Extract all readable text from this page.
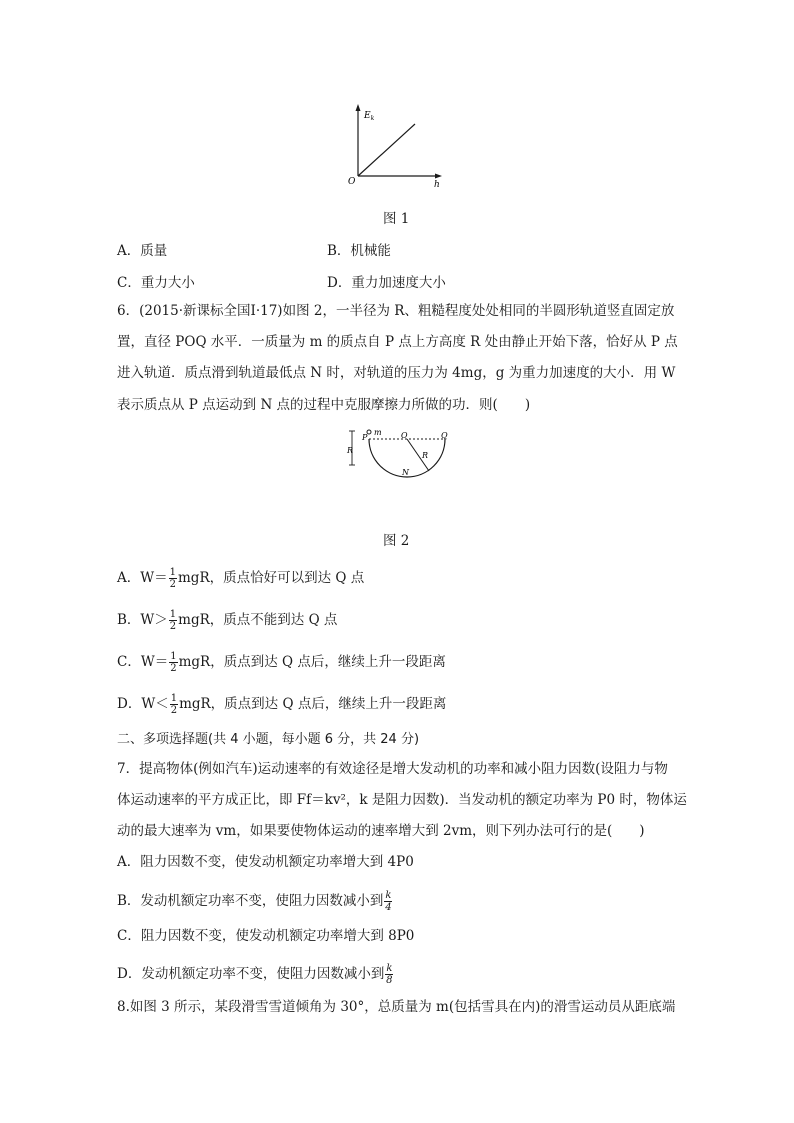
$E_k$
O	h
图 1
A．质量	B．机械能
C．重力大小	D．重力加速度大小
6．(2015·新课标全国Ⅰ·17)如图 2，一半径为 R、粗糙程度处处相同的半圆形轨道竖直固定放
置，直径 POQ 水平．一质量为 m 的质点自 P 点上方高度 R 处由静止开始下落，恰好从 P 点
进入轨道．质点滑到轨道最低点 N 时，对轨道的压力为 4mg，g 为重力加速度的大小．用 W
表示质点从 P 点运动到 N 点的过程中克服摩擦力所做的功．则(　　)
m
R
P	O	Q
R
N
图 2
A．$W= \frac{1}{2}$ mgR，质点恰好可以到达 Q 点
B．$W> \frac{1}{2}$ mgR，质点不能到达 Q 点
C．$W= \frac{1}{2}$ mgR，质点到达 Q 点后，继续上升一段距离
D．$W< \frac{1}{2}$ mgR，质点到达 Q 点后，继续上升一段距离
二、多项选择题(共 4 小题，每小题 6 分，共 24 分)
7．提高物体(例如汽车)运动速率的有效途径是增大发动机的功率和减小阻力因数(设阻力与物
体运动速率的平方成正比，即 Ff＝kv²，k 是阻力因数)．当发动机的额定功率为 P0 时，物体运
动的最大速率为 vm，如果要使物体运动的速率增大到 2vm，则下列办法可行的是(　　)
A．阻力因数不变，使发动机额定功率增大到 4P0
B．发动机额定功率不变，使阻力因数减小到 $\frac{k}{4}$
C．阻力因数不变，使发动机额定功率增大到 8P0
D．发动机额定功率不变，使阻力因数减小到 $\frac{k}{8}$
8.如图 3 所示，某段滑雪雪道倾角为 30°，总质量为 m(包括雪具在内)的滑雪运动员从距底端
